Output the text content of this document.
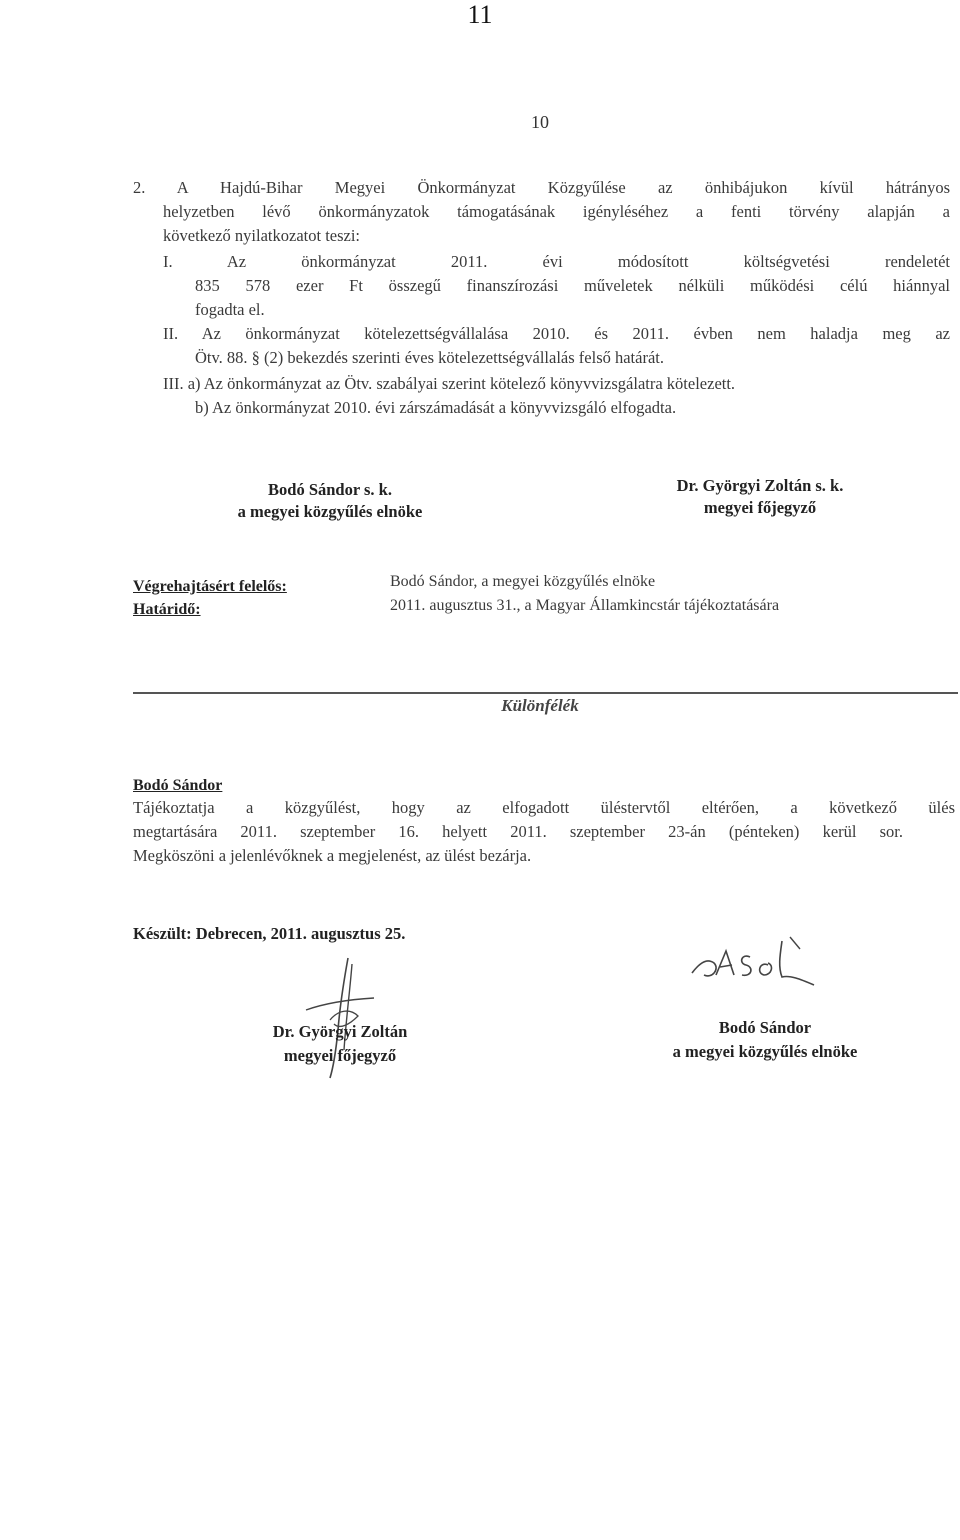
11
10
2. A Hajdú-Bihar Megyei Önkormányzat Közgyűlése az önhibájukon kívül hátrányos
helyzetben lévő önkormányzatok támogatásának igényléséhez a fenti törvény alapján a
következő nyilatkozatot teszi:
I. Az önkormányzat 2011. évi módosított költségvetési rendeletét
835 578 ezer Ft összegű finanszírozási műveletek nélküli működési célú hiánnyal
fogadta el.
II. Az önkormányzat kötelezettségvállalása 2010. és 2011. évben nem haladja meg az
Ötv. 88. § (2) bekezdés szerinti éves kötelezettségvállalás felső határát.
III. a) Az önkormányzat az Ötv. szabályai szerint kötelező könyvvizsgálatra kötelezett.
b) Az önkormányzat 2010. évi zárszámadását a könyvvizsgáló elfogadta.
Bodó Sándor s. k.
a megyei közgyűlés elnöke
Dr. Györgyi Zoltán s. k.
megyei főjegyző
Végrehajtásért felelős:	Bodó Sándor, a megyei közgyűlés elnöke
Határidő:	2011. augusztus 31., a Magyar Államkincstár tájékoztatására
Különfélék
Bodó Sándor
Tájékoztatja a közgyűlést, hogy az elfogadott üléstervtől eltérően, a következő ülés
megtartására 2011. szeptember 16. helyett 2011. szeptember 23-án (pénteken) kerül sor.
Megköszöni a jelenlévőknek a megjelenést, az ülést bezárja.
Készült: Debrecen, 2011. augusztus 25.
Dr. Györgyi Zoltán
megyei főjegyző
Bodó Sándor
a megyei közgyűlés elnöke
